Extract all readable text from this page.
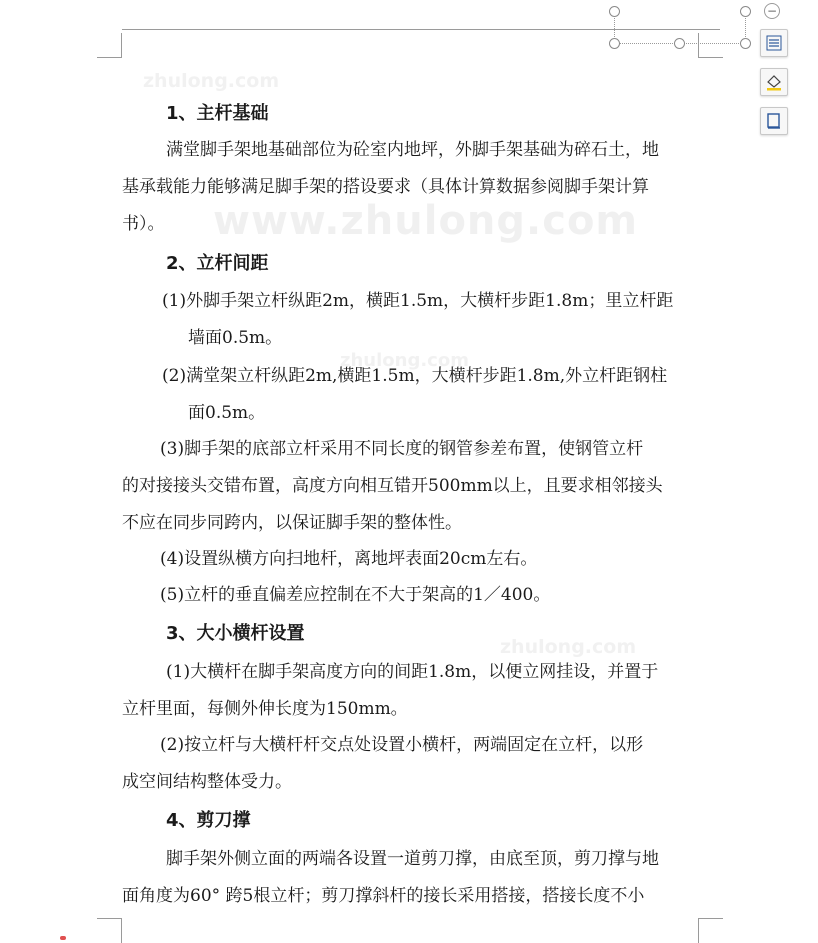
−
zhulong.com
www.zhulong.com
zhulong.com
zhulong.com
1、主杆基础
满堂脚手架地基础部位为砼室内地坪，外脚手架基础为碎石土，地
基承载能力能够满足脚手架的搭设要求（具体计算数据参阅脚手架计算
书）。
2、立杆间距
(1)外脚手架立杆纵距2m，横距1.5m，大横杆步距1.8m；里立杆距
墙面0.5m。
(2)满堂架立杆纵距2m,横距1.5m，大横杆步距1.8m,外立杆距钢柱
面0.5m。
(3)脚手架的底部立杆采用不同长度的钢管参差布置，使钢管立杆
的对接接头交错布置，高度方向相互错开500mm以上，且要求相邻接头
不应在同步同跨内，以保证脚手架的整体性。
(4)设置纵横方向扫地杆，离地坪表面20cm左右。
(5)立杆的垂直偏差应控制在不大于架高的1／400。
3、大小横杆设置
(1)大横杆在脚手架高度方向的间距1.8m，以便立网挂设，并置于
立杆里面，每侧外伸长度为150mm。
(2)按立杆与大横杆杆交点处设置小横杆，两端固定在立杆，以形
成空间结构整体受力。
4、剪刀撑
脚手架外侧立面的两端各设置一道剪刀撑，由底至顶，剪刀撑与地
面角度为60° 跨5根立杆；剪刀撑斜杆的接长采用搭接，搭接长度不小
